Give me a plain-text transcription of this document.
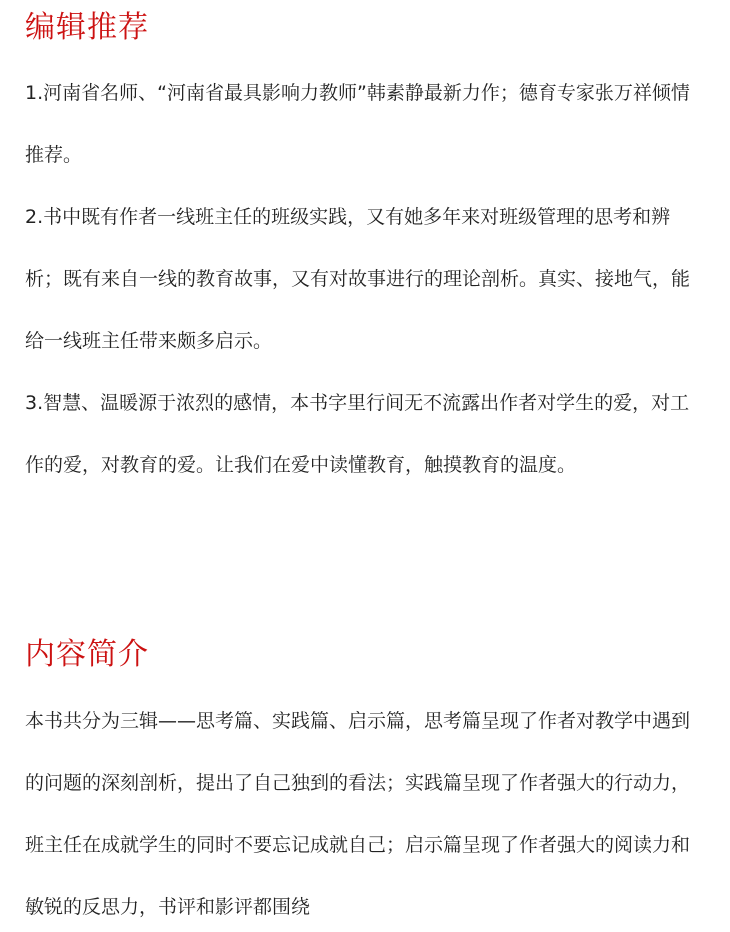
编辑推荐

1.河南省名师、“河南省最具影响力教师”韩素静最新力作；德育专家张万祥倾情推荐。

2.书中既有作者一线班主任的班级实践，又有她多年来对班级管理的思考和辨析；既有来自一线的教育故事，又有对故事进行的理论剖析。真实、接地气，能给一线班主任带来颇多启示。

3.智慧、温暖源于浓烈的感情，本书字里行间无不流露出作者对学生的爱，对工作的爱，对教育的爱。让我们在爱中读懂教育，触摸教育的温度。

内容简介

本书共分为三辑——思考篇、实践篇、启示篇，思考篇呈现了作者对教学中遇到的问题的深刻剖析，提出了自己独到的看法；实践篇呈现了作者强大的行动力，班主任在成就学生的同时不要忘记成就自己；启示篇呈现了作者强大的阅读力和敏锐的反思力，书评和影评都围绕
